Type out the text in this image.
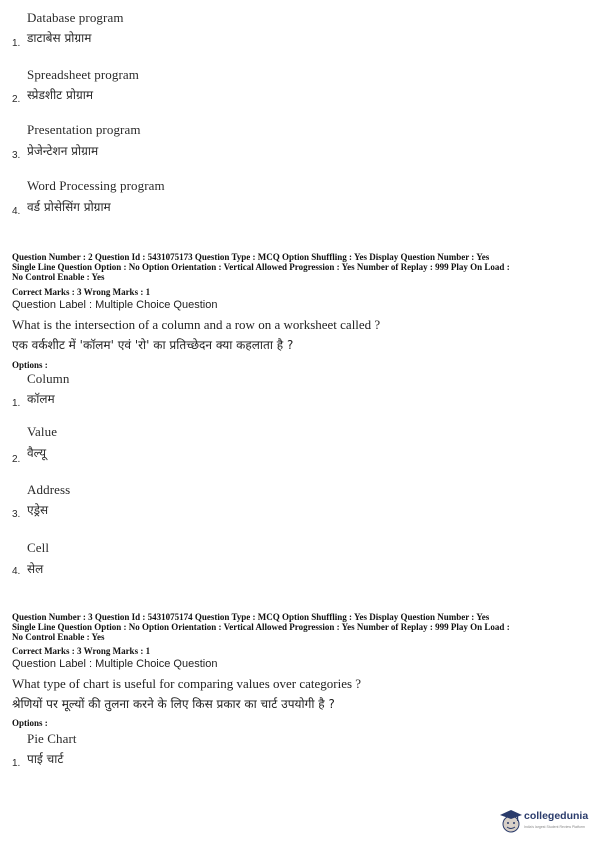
Database program
1. डाटाबेस प्रोग्राम
Spreadsheet program
2. स्प्रेडशीट प्रोग्राम
Presentation program
3. प्रेजेन्टेशन प्रोग्राम
Word Processing program
4. वर्ड प्रोसेसिंग प्रोग्राम
Question Number : 2 Question Id : 5431075173 Question Type : MCQ Option Shuffling : Yes Display Question Number : Yes
Single Line Question Option : No Option Orientation : Vertical Allowed Progression : Yes Number of Replay : 999 Play On Load :
No Control Enable : Yes
Correct Marks : 3 Wrong Marks : 1
Question Label : Multiple Choice Question
What is the intersection of a column and a row on a worksheet called ?
एक वर्कशीट में 'कॉलम' एवं 'रो' का प्रतिच्छेदन क्या कहलाता है ?
Options :
Column
1. कॉलम
Value
2. वैल्यू
Address
3. एड्रेस
Cell
4. सेल
Question Number : 3 Question Id : 5431075174 Question Type : MCQ Option Shuffling : Yes Display Question Number : Yes
Single Line Question Option : No Option Orientation : Vertical Allowed Progression : Yes Number of Replay : 999 Play On Load :
No Control Enable : Yes
Correct Marks : 3 Wrong Marks : 1
Question Label : Multiple Choice Question
What type of chart is useful for comparing values over categories ?
श्रेणियों पर मूल्यों की तुलना करने के लिए किस प्रकार का चार्ट उपयोगी है ?
Options :
Pie Chart
1. पाई चार्ट
collegedunia
India's largest Student Review Platform
